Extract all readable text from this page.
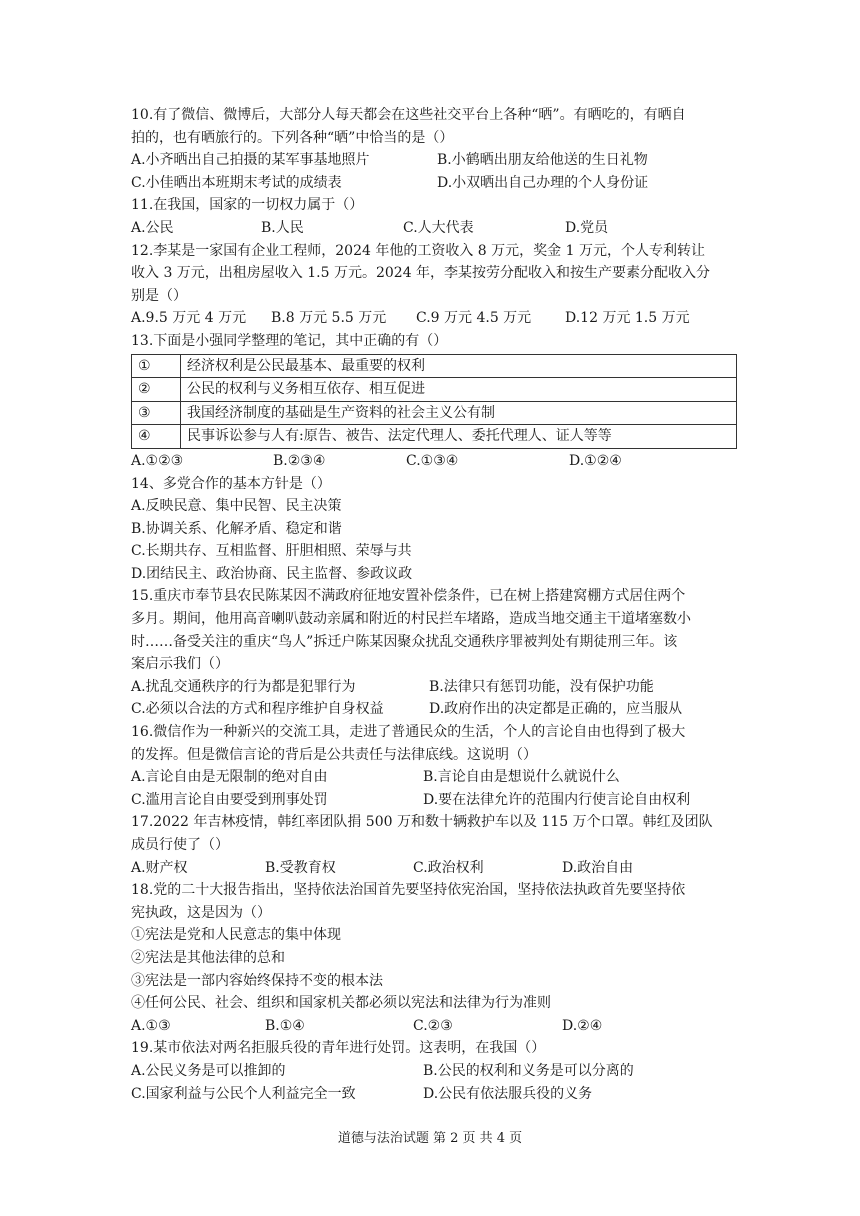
10.有了微信、微博后，大部分人每天都会在这些社交平台上各种“晒”。有晒吃的，有晒自
拍的，也有晒旅行的。下列各种“晒”中恰当的是（）
A.小齐晒出自己拍摄的某军事基地照片	B.小鹤晒出朋友给他送的生日礼物
C.小佳晒出本班期末考试的成绩表	D.小双晒出自己办理的个人身份证
11.在我国，国家的一切权力属于（）
A.公民	B.人民	C.人大代表	D.党员
12.李某是一家国有企业工程师，2024 年他的工资收入 8 万元，奖金 1 万元，个人专利转让
收入 3 万元，出租房屋收入 1.5 万元。2024 年，李某按劳分配收入和按生产要素分配收入分
别是（）
A.9.5 万元 4 万元	B.8 万元 5.5 万元	C.9 万元 4.5 万元	D.12 万元 1.5 万元
13.下面是小强同学整理的笔记，其中正确的有（）
①	经济权利是公民最基本、最重要的权利
②	公民的权利与义务相互依存、相互促进
③	我国经济制度的基础是生产资料的社会主义公有制
④	民事诉讼参与人有:原告、被告、法定代理人、委托代理人、证人等等
A.①②③	B.②③④	C.①③④	D.①②④
14、多党合作的基本方针是（）
A.反映民意、集中民智、民主决策
B.协调关系、化解矛盾、稳定和谐
C.长期共存、互相监督、肝胆相照、荣辱与共
D.团结民主、政治协商、民主监督、参政议政
15.重庆市奉节县农民陈某因不满政府征地安置补偿条件，已在树上搭建窝棚方式居住两个
多月。期间，他用高音喇叭鼓动亲属和附近的村民拦车堵路，造成当地交通主干道堵塞数小
时……备受关注的重庆“鸟人”拆迁户陈某因聚众扰乱交通秩序罪被判处有期徒刑三年。该
案启示我们（）
A.扰乱交通秩序的行为都是犯罪行为	B.法律只有惩罚功能，没有保护功能
C.必须以合法的方式和程序维护自身权益	D.政府作出的决定都是正确的，应当服从
16.微信作为一种新兴的交流工具，走进了普通民众的生活，个人的言论自由也得到了极大
的发挥。但是微信言论的背后是公共责任与法律底线。这说明（）
A.言论自由是无限制的绝对自由	B.言论自由是想说什么就说什么
C.滥用言论自由要受到刑事处罚	D.要在法律允许的范围内行使言论自由权利
17.2022 年吉林疫情，韩红率团队捐 500 万和数十辆救护车以及 115 万个口罩。韩红及团队
成员行使了（）
A.财产权	B.受教育权	C.政治权利	D.政治自由
18.党的二十大报告指出，坚持依法治国首先要坚持依宪治国，坚持依法执政首先要坚持依
宪执政，这是因为（）
①宪法是党和人民意志的集中体现
②宪法是其他法律的总和
③宪法是一部内容始终保持不变的根本法
④任何公民、社会、组织和国家机关都必须以宪法和法律为行为准则
A.①③	B.①④	C.②③	D.②④
19.某市依法对两名拒服兵役的青年进行处罚。这表明，在我国（）
A.公民义务是可以推卸的	B.公民的权利和义务是可以分离的
C.国家利益与公民个人利益完全一致	D.公民有依法服兵役的义务
道德与法治试题 第 2 页 共 4 页
